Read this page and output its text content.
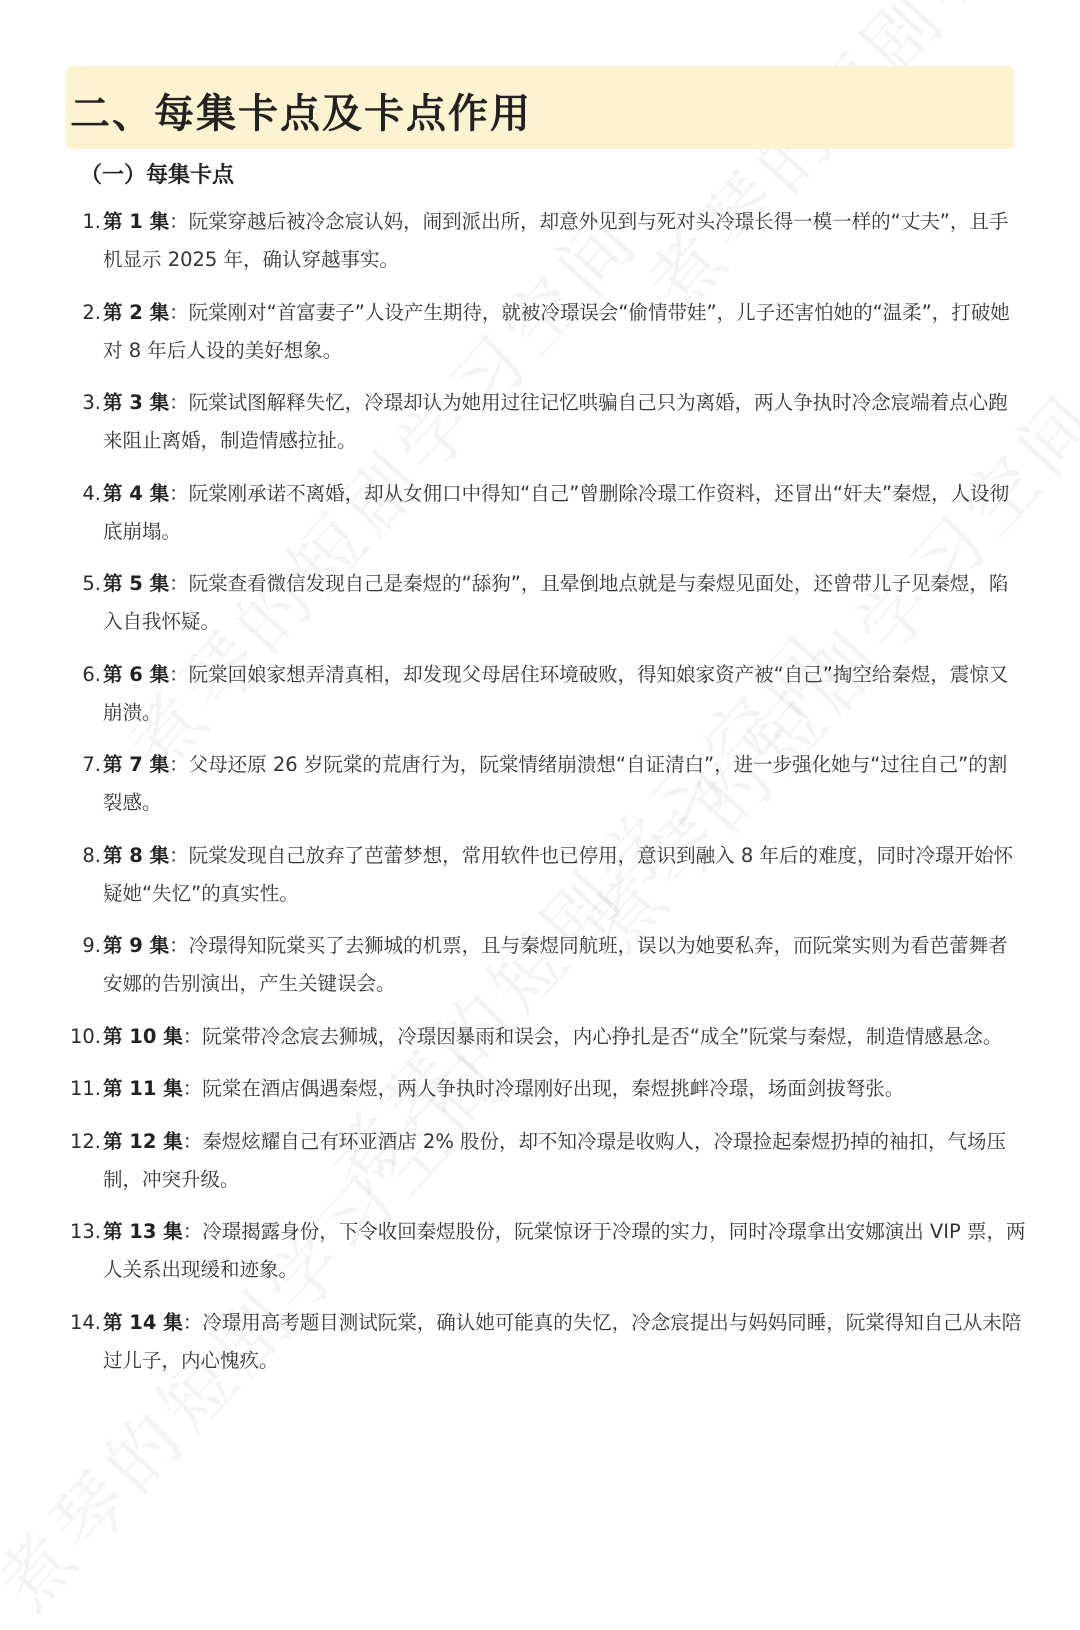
二、每集卡点及卡点作用
（一）每集卡点
1. 第 1 集：阮棠穿越后被冷念宸认妈，闹到派出所，却意外见到与死对头冷璟长得一模一样的“丈夫”，且手机显示 2025 年，确认穿越事实。
2. 第 2 集：阮棠刚对“首富妻子”人设产生期待，就被冷璟误会“偷情带娃”，儿子还害怕她的“温柔”，打破她对 8 年后人设的美好想象。
3. 第 3 集：阮棠试图解释失忆，冷璟却认为她用过往记忆哄骗自己只为离婚，两人争执时冷念宸端着点心跑来阻止离婚，制造情感拉扯。
4. 第 4 集：阮棠刚承诺不离婚，却从女佣口中得知“自己”曾删除冷璟工作资料，还冒出“奸夫”秦煜，人设彻底崩塌。
5. 第 5 集：阮棠查看微信发现自己是秦煜的“舔狗”，且晕倒地点就是与秦煜见面处，还曾带儿子见秦煜，陷入自我怀疑。
6. 第 6 集：阮棠回娘家想弄清真相，却发现父母居住环境破败，得知娘家资产被“自己”掏空给秦煜，震惊又崩溃。
7. 第 7 集：父母还原 26 岁阮棠的荒唐行为，阮棠情绪崩溃想“自证清白”，进一步强化她与“过往自己”的割裂感。
8. 第 8 集：阮棠发现自己放弃了芭蕾梦想，常用软件也已停用，意识到融入 8 年后的难度，同时冷璟开始怀疑她“失忆”的真实性。
9. 第 9 集：冷璟得知阮棠买了去狮城的机票，且与秦煜同航班，误以为她要私奔，而阮棠实则为看芭蕾舞者安娜的告别演出，产生关键误会。
10. 第 10 集：阮棠带冷念宸去狮城，冷璟因暴雨和误会，内心挣扎是否“成全”阮棠与秦煜，制造情感悬念。
11. 第 11 集：阮棠在酒店偶遇秦煜，两人争执时冷璟刚好出现，秦煜挑衅冷璟，场面剑拔弩张。
12. 第 12 集：秦煜炫耀自己有环亚酒店 2% 股份，却不知冷璟是收购人，冷璟捡起秦煜扔掉的袖扣，气场压制，冲突升级。
13. 第 13 集：冷璟揭露身份，下令收回秦煜股份，阮棠惊讶于冷璟的实力，同时冷璟拿出安娜演出 VIP 票，两人关系出现缓和迹象。
14. 第 14 集：冷璟用高考题目测试阮棠，确认她可能真的失忆，冷念宸提出与妈妈同睡，阮棠得知自己从未陪过儿子，内心愧疚。
